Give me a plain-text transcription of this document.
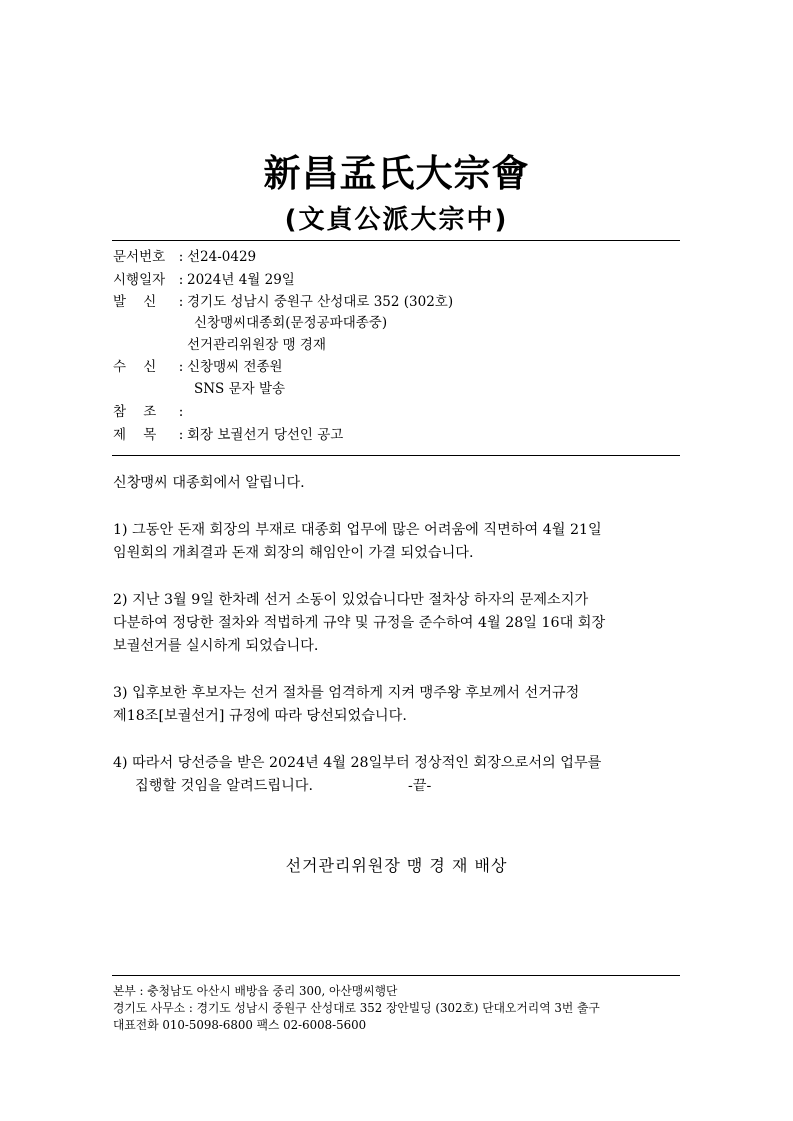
新昌孟氏大宗會
(文貞公派大宗中)
문서번호 : 선24-0429
시행일자 : 2024년 4월 29일
발    신 : 경기도 성남시 중원구 산성대로 352 (302호)
신창맹씨대종회(문정공파대종중)
선거관리위원장 맹 경재
수    신 : 신창맹씨 전종원
SNS 문자 발송
참    조 :
제    목 : 회장 보궐선거 당선인 공고
신창맹씨 대종회에서 알립니다.
1) 그동안 돈재 회장의 부재로 대종회 업무에 많은 어려움에 직면하여 4월 21일
임원회의 개최결과 돈재 회장의 해임안이 가결 되었습니다.
2) 지난 3월 9일 한차례 선거 소동이 있었습니다만 절차상 하자의 문제소지가
다분하여 정당한 절차와 적법하게 규약 및 규정을 준수하여 4월 28일 16대 회장
보궐선거를 실시하게 되었습니다.
3) 입후보한 후보자는 선거 절차를 엄격하게 지켜 맹주왕 후보께서 선거규정
제18조[보궐선거] 규정에 따라 당선되었습니다.
4) 따라서 당선증을 받은 2024년 4월 28일부터 정상적인 회장으로서의 업무를
집행할 것임을 알려드립니다.	-끝-
선거관리위원장 맹 경 재 배상
본부 : 충청남도 아산시 배방읍 중리 300, 아산맹씨행단
경기도 사무소 : 경기도 성남시 중원구 산성대로 352 장안빌딩 (302호) 단대오거리역 3번 출구
대표전화 010-5098-6800 팩스 02-6008-5600
